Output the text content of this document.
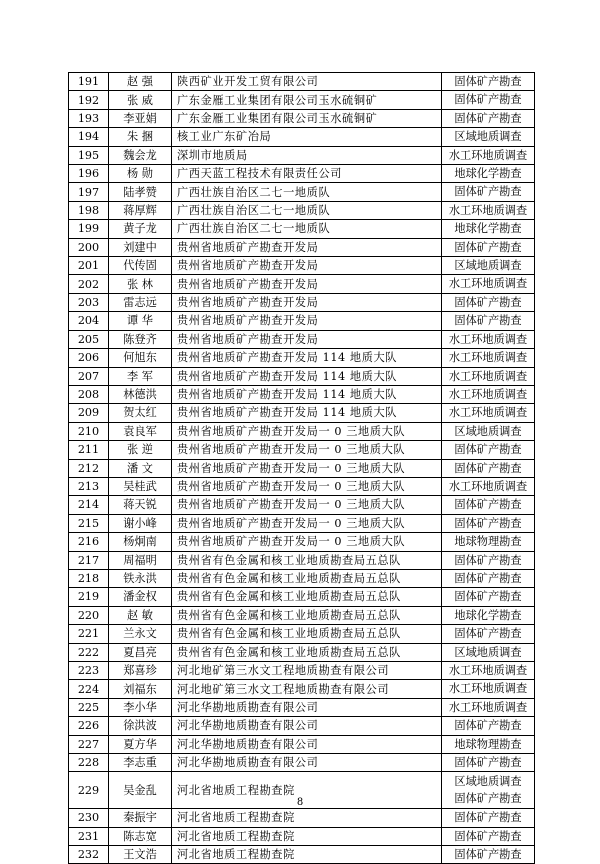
191	赵 强	陕西矿业开发工贸有限公司	固体矿产勘查

192	张 威	广东金雁工业集团有限公司玉水硫铜矿	固体矿产勘查

193	李亚娟	广东金雁工业集团有限公司玉水硫铜矿	固体矿产勘查

194	朱 捆	核工业广东矿冶局	区域地质调查

195	魏会龙	深圳市地质局	水工环地质调查

196	杨 勋	广西天蓝工程技术有限责任公司	地球化学勘查

197	陆孝赞	广西壮族自治区二七一地质队	固体矿产勘查

198	蒋厚辉	广西壮族自治区二七一地质队	水工环地质调查

199	黄子龙	广西壮族自治区二七一地质队	地球化学勘查

200	刘建中	贵州省地质矿产勘查开发局	固体矿产勘查

201	代传固	贵州省地质矿产勘查开发局	区域地质调查

202	张 林	贵州省地质矿产勘查开发局	水工环地质调查

203	雷志远	贵州省地质矿产勘查开发局	固体矿产勘查

204	谭 华	贵州省地质矿产勘查开发局	固体矿产勘查

205	陈登齐	贵州省地质矿产勘查开发局	水工环地质调查

206	何旭东	贵州省地质矿产勘查开发局 114 地质大队	水工环地质调查

207	李 军	贵州省地质矿产勘查开发局 114 地质大队	水工环地质调查

208	林德洪	贵州省地质矿产勘查开发局 114 地质大队	水工环地质调查

209	贺太红	贵州省地质矿产勘查开发局 114 地质大队	水工环地质调查

210	袁良军	贵州省地质矿产勘查开发局一 0 三地质大队	区域地质调查

211	张 逆	贵州省地质矿产勘查开发局一 0 三地质大队	固体矿产勘查

212	潘 文	贵州省地质矿产勘查开发局一 0 三地质大队	固体矿产勘查

213	吴桂武	贵州省地质矿产勘查开发局一 0 三地质大队	水工环地质调查

214	蒋天锐	贵州省地质矿产勘查开发局一 0 三地质大队	固体矿产勘查

215	谢小峰	贵州省地质矿产勘查开发局一 0 三地质大队	固体矿产勘查

216	杨炯南	贵州省地质矿产勘查开发局一 0 三地质大队	地球物理勘查

217	周福明	贵州省有色金属和核工业地质勘查局五总队	固体矿产勘查

218	铁永洪	贵州省有色金属和核工业地质勘查局五总队	固体矿产勘查

219	潘金权	贵州省有色金属和核工业地质勘查局五总队	固体矿产勘查

220	赵 敏	贵州省有色金属和核工业地质勘查局五总队	地球化学勘查

221	兰永文	贵州省有色金属和核工业地质勘查局五总队	固体矿产勘查

222	夏昌亮	贵州省有色金属和核工业地质勘查局五总队	区域地质调查

223	郑喜珍	河北地矿第三水文工程地质勘查有限公司	水工环地质调查

224	刘福东	河北地矿第三水文工程地质勘查有限公司	水工环地质调查

225	李小华	河北华勘地质勘查有限公司	水工环地质调查

226	徐洪波	河北华勘地质勘查有限公司	固体矿产勘查

227	夏方华	河北华勘地质勘查有限公司	地球物理勘查

228	李志重	河北华勘地质勘查有限公司	固体矿产勘查

229	吴金乱	河北省地质工程勘查院	区域地质调查
固体矿产勘查

230	秦振宇	河北省地质工程勘查院	固体矿产勘查

231	陈志宽	河北省地质工程勘查院	固体矿产勘查

232	王文浩	河北省地质工程勘查院	固体矿产勘查
8
